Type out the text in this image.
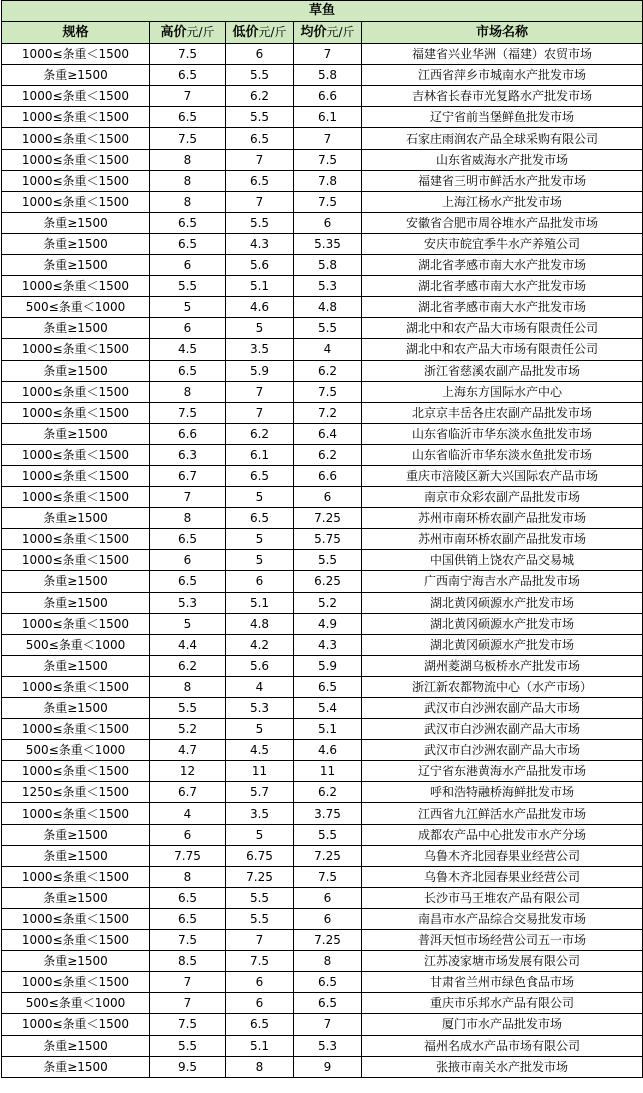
草鱼				
规格	高价元/斤	低价元/斤	均价元/斤	市场名称
1000≤条重＜1500	7.5	6	7	福建省兴业华洲（福建）农贸市场
条重≥1500	6.5	5.5	5.8	江西省萍乡市城南水产批发市场
1000≤条重＜1500	7	6.2	6.6	吉林省长春市光复路水产批发市场
1000≤条重＜1500	6.5	5.5	6.1	辽宁省前当堡鲜鱼批发市场
1000≤条重＜1500	7.5	6.5	7	石家庄雨润农产品全球采购有限公司
1000≤条重＜1500	8	7	7.5	山东省威海水产批发市场
1000≤条重＜1500	8	6.5	7.8	福建省三明市鲜活水产批发市场
1000≤条重＜1500	8	7	7.5	上海江杨水产批发市场
条重≥1500	6.5	5.5	6	安徽省合肥市周谷堆水产品批发市场
条重≥1500	6.5	4.3	5.35	安庆市皖宜季牛水产养殖公司
条重≥1500	6	5.6	5.8	湖北省孝感市南大水产批发市场
1000≤条重＜1500	5.5	5.1	5.3	湖北省孝感市南大水产批发市场
500≤条重＜1000	5	4.6	4.8	湖北省孝感市南大水产批发市场
条重≥1500	6	5	5.5	湖北中和农产品大市场有限责任公司
1000≤条重＜1500	4.5	3.5	4	湖北中和农产品大市场有限责任公司
条重≥1500	6.5	5.9	6.2	浙江省慈溪农副产品批发市场
1000≤条重＜1500	8	7	7.5	上海东方国际水产中心
1000≤条重＜1500	7.5	7	7.2	北京京丰岳各庄农副产品批发市场
条重≥1500	6.6	6.2	6.4	山东省临沂市华东淡水鱼批发市场
1000≤条重＜1500	6.3	6.1	6.2	山东省临沂市华东淡水鱼批发市场
1000≤条重＜1500	6.7	6.5	6.6	重庆市涪陵区新大兴国际农产品市场
1000≤条重＜1500	7	5	6	南京市众彩农副产品批发市场
条重≥1500	8	6.5	7.25	苏州市南环桥农副产品批发市场
1000≤条重＜1500	6.5	5	5.75	苏州市南环桥农副产品批发市场
1000≤条重＜1500	6	5	5.5	中国供销上饶农产品交易城
条重≥1500	6.5	6	6.25	广西南宁海吉水产品批发市场
条重≥1500	5.3	5.1	5.2	湖北黄冈硕源水产批发市场
1000≤条重＜1500	5	4.8	4.9	湖北黄冈硕源水产批发市场
500≤条重＜1000	4.4	4.2	4.3	湖北黄冈硕源水产批发市场
条重≥1500	6.2	5.6	5.9	湖州菱湖乌板桥水产批发市场
1000≤条重＜1500	8	4	6.5	浙江新农都物流中心（水产市场）
条重≥1500	5.5	5.3	5.4	武汉市白沙洲农副产品大市场
1000≤条重＜1500	5.2	5	5.1	武汉市白沙洲农副产品大市场
500≤条重＜1000	4.7	4.5	4.6	武汉市白沙洲农副产品大市场
1000≤条重＜1500	12	11	11	辽宁省东港黄海水产品批发市场
1250≤条重＜1500	6.7	5.7	6.2	呼和浩特融桥海鲜批发市场
1000≤条重＜1500	4	3.5	3.75	江西省九江鲜活水产品批发市场
条重≥1500	6	5	5.5	成都农产品中心批发市水产分场
条重≥1500	7.75	6.75	7.25	乌鲁木齐北园春果业经营公司
1000≤条重＜1500	8	7.25	7.5	乌鲁木齐北园春果业经营公司
条重≥1500	6.5	5.5	6	长沙市马王堆农产品有限公司
1000≤条重＜1500	6.5	5.5	6	南昌市水产品综合交易批发市场
1000≤条重＜1500	7.5	7	7.25	普洱天恒市场经营公司五一市场
条重≥1500	8.5	7.5	8	江苏凌家塘市场发展有限公司
1000≤条重＜1500	7	6	6.5	甘肃省兰州市绿色食品市场
500≤条重＜1000	7	6	6.5	重庆市乐邦水产品有限公司
1000≤条重＜1500	7.5	6.5	7	厦门市水产品批发市场
条重≥1500	5.5	5.1	5.3	福州名成水产品市场有限公司
条重≥1500	9.5	8	9	张掖市南关水产批发市场
